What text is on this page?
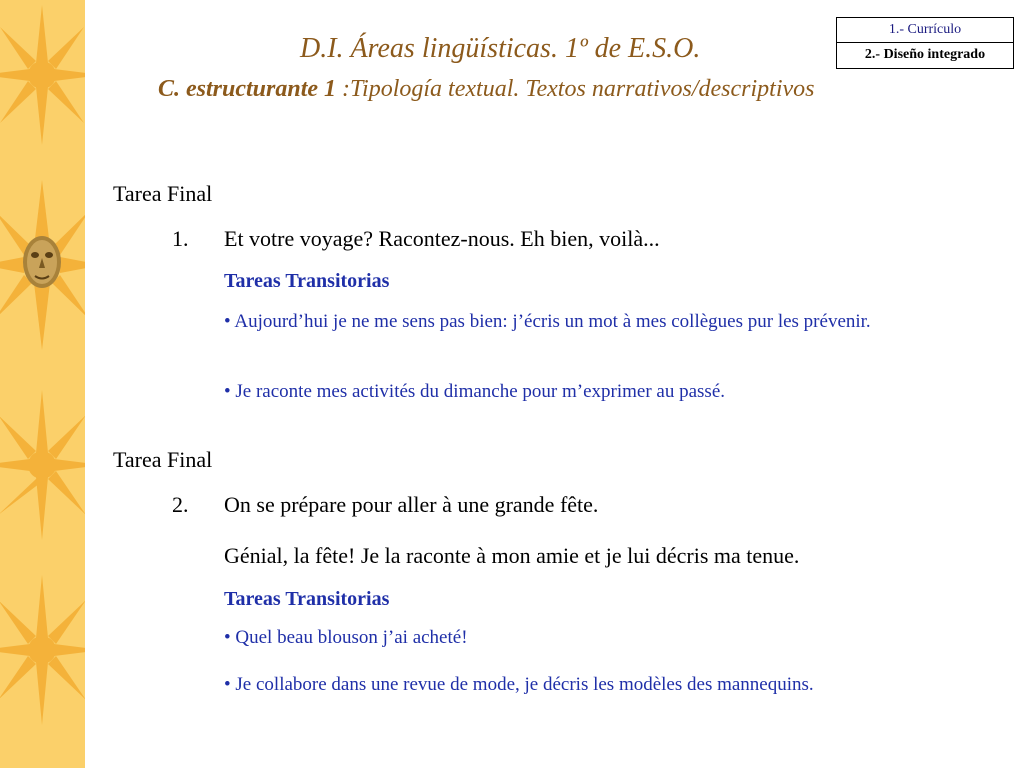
1.- Currículo
2.- Diseño integrado
D.I. Áreas lingüísticas. 1º de E.S.O.
C. estructurante 1 :Tipología textual. Textos narrativos/descriptivos
Tarea Final
1. Et votre voyage? Racontez-nous. Eh bien, voilà...
Tareas Transitorias
• Aujourd’hui je ne me sens pas bien: j’écris un mot à mes collègues pur les prévenir.
• Je raconte mes activités du dimanche pour m’exprimer au passé.
Tarea Final
2. On se prépare pour aller à une grande fête.
Génial, la fête! Je la raconte à mon amie et je lui décris ma tenue.
Tareas Transitorias
• Quel beau blouson j’ai acheté!
• Je collabore dans une revue de mode, je décris les modèles des mannequins.
